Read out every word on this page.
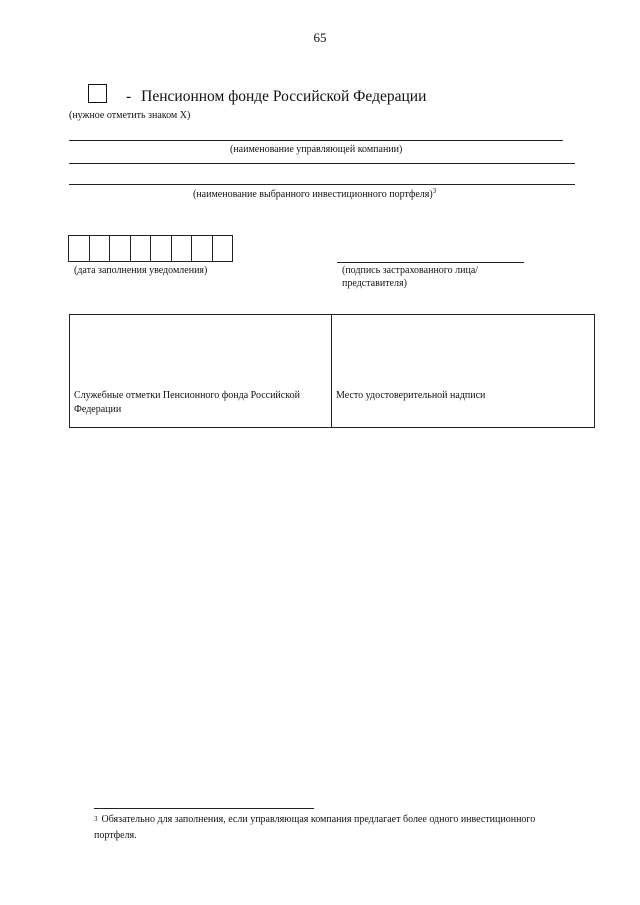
65
- Пенсионном фонде Российской Федерации
(нужное отметить знаком Х)
(наименование управляющей компании)
(наименование выбранного инвестиционного портфеля)$^3$
(дата заполнения уведомления)	(подпись застрахованного лица/
представителя)
Служебные отметки Пенсионного фонда Российской
Федерации
Место удостоверительной надписи
$^3$ Обязательно для заполнения, если управляющая компания предлагает более одного инвестиционного
портфеля.
